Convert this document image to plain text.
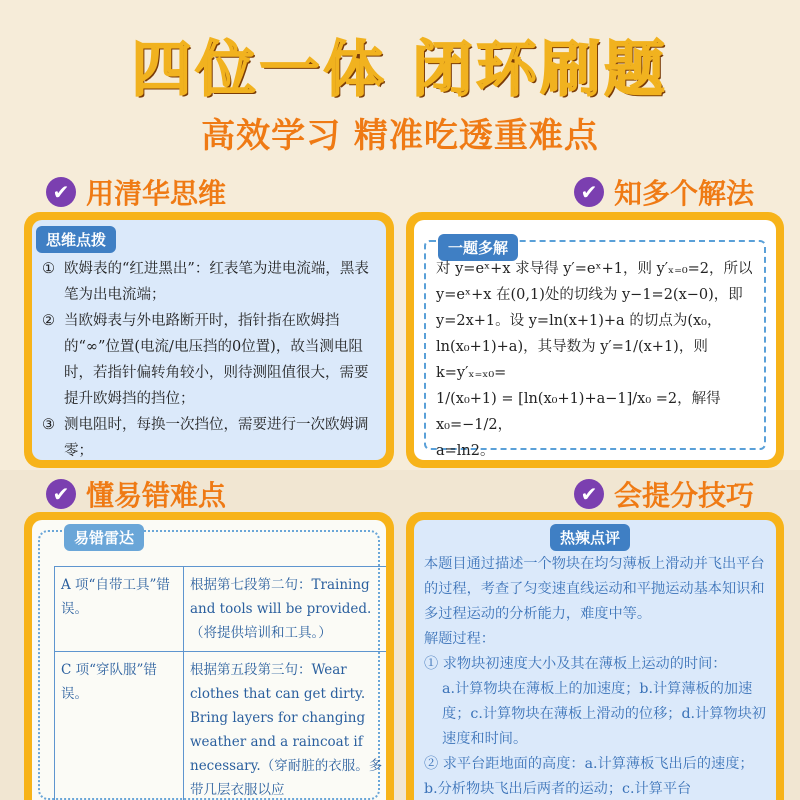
四位一体 闭环刷题
高效学习 精准吃透重难点
✔ 用清华思维	✔ 知多个解法
✔ 懂易错难点	✔ 会提分技巧
思维点拨
① 欧姆表的“红进黑出”：红表笔为进电流端，黑表笔为出电流端；
② 当欧姆表与外电路断开时，指针指在欧姆挡的“∞”位置(电流/电压挡的0位置)，故当测电阻时，若指针偏转角较小，则待测阻值很大，需要提升欧姆挡的挡位；
③ 测电阻时，每换一次挡位，需要进行一次欧姆调零；
一题多解
对 y=eˣ+x 求导得 y′=eˣ+1，则 y′ₓ₌₀=2，所以
y=eˣ+x 在(0,1)处的切线为 y−1=2(x−0)，即
y=2x+1。设 y=ln(x+1)+a 的切点为(x₀，
ln(x₀+1)+a)，其导数为 y′=1/(x+1)，则 k=y′ₓ₌ₓ₀=
1/(x₀+1) = [ln(x₀+1)+a−1]/x₀ =2，解得 x₀=−1/2，
a=ln2。
易错雷达
A 项“自带工具”错误。	根据第七段第二句：Training and tools will be provided.（将提供培训和工具。）
C 项“穿队服”错误。	根据第五段第三句：Wear clothes that can get dirty. Bring layers for changing weather and a raincoat if necessary.（穿耐脏的衣服。多带几层衣服以应
热辣点评
本题目通过描述一个物块在均匀薄板上滑动并飞出平台的过程，考查了匀变速直线运动和平抛运动基本知识和多过程运动的分析能力，难度中等。
解题过程：
① 求物块初速度大小及其在薄板上运动的时间：
a.计算物块在薄板上的加速度；b.计算薄板的加速度；c.计算物块在薄板上滑动的位移；d.计算物块初速度和时间。
② 求平台距地面的高度：a.计算薄板飞出后的速度；b.分析物块飞出后两者的运动；c.计算平台
